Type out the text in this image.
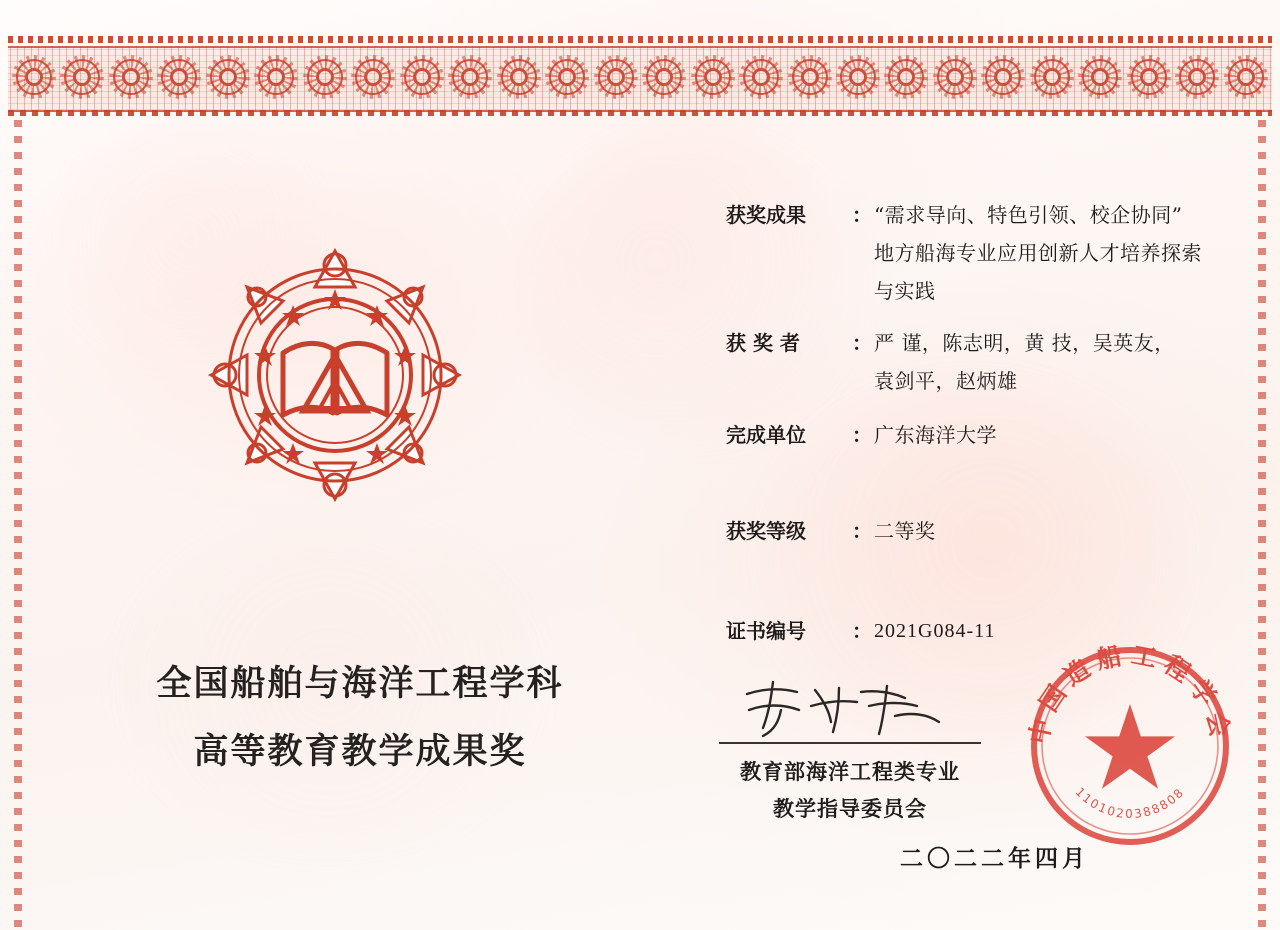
全国船舶与海洋工程学科
高等教育教学成果奖
获奖成果	： “需求导向、特色引领、校企协同”
地方船海专业应用创新人才培养探索
与实践
获 奖 者	： 严 谨，陈志明，黄 技，吴英友，
袁剑平，赵炳雄
完成单位	： 广东海洋大学
获奖等级	： 二等奖
证书编号	： 2021G084-11
教育部海洋工程类专业
教学指导委员会
二〇二二年四月
中国造船工程学会
1101020388808
